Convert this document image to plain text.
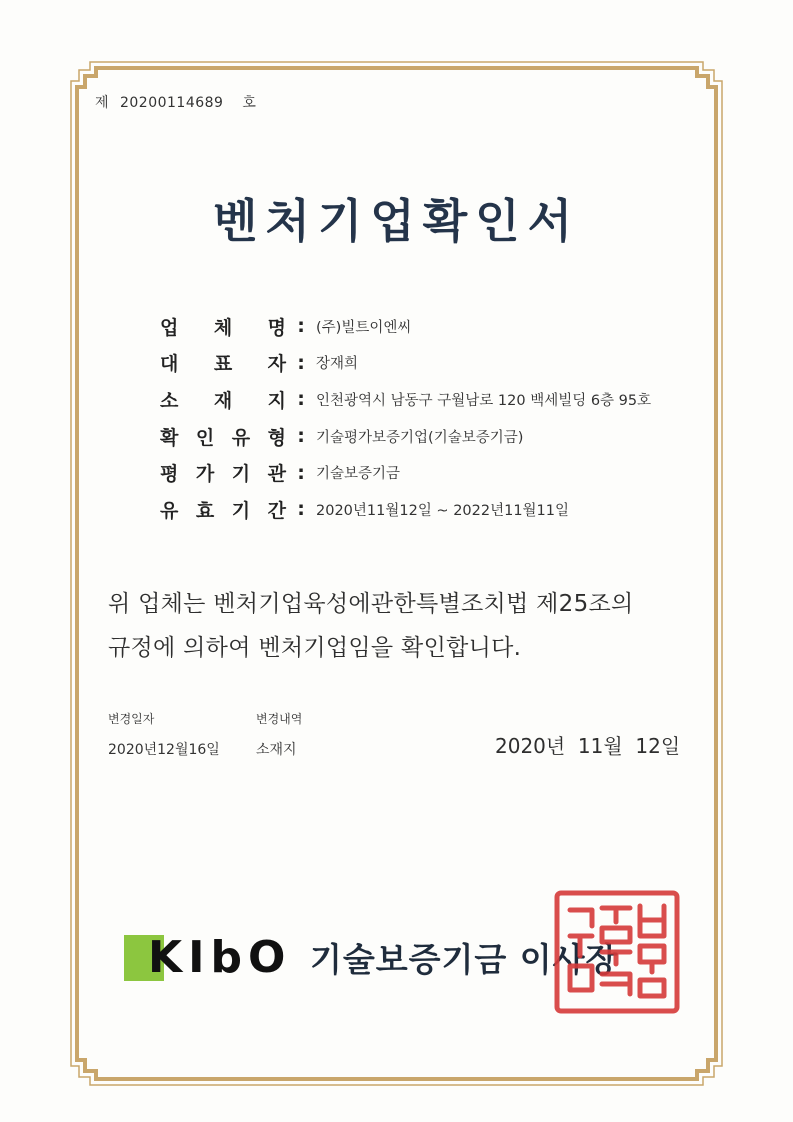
제 20200114689 호
벤처기업확인서
업 체 명 : (주)빌트이엔씨
대 표 자 : 장재희
소 재 지 : 인천광역시 남동구 구월남로 120 백세빌딩 6층 95호
확 인 유 형 : 기술평가보증기업(기술보증기금)
평 가 기 관 : 기술보증기금
유 효 기 간 : 2020년11월12일 ~ 2022년11월11일
위 업체는 벤처기업육성에관한특별조치법 제25조의
규정에 의하여 벤처기업임을 확인합니다.
변경일자	변경내역
2020년12월16일	소재지	2020년  11월  12일
KIbO 기술보증기금 이사장
